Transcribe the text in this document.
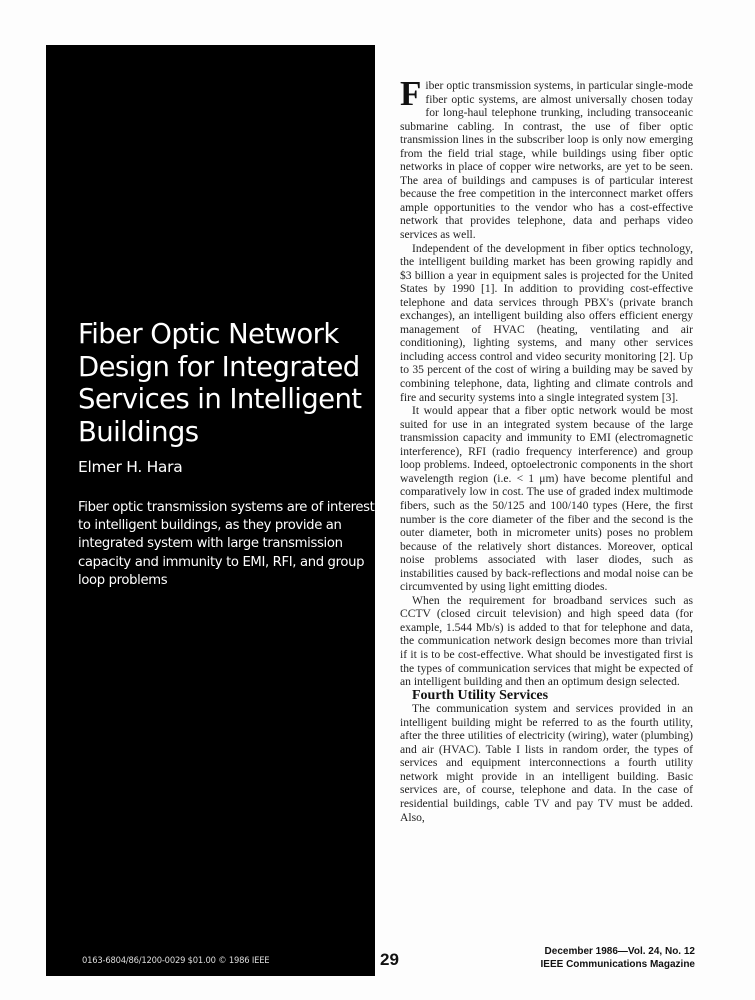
Fiber Optic Network Design for Integrated Services in Intelligent Buildings
Elmer H. Hara
Fiber optic transmission systems are of interest to intelligent buildings, as they provide an integrated system with large transmission capacity and immunity to EMI, RFI, and group loop problems
0163-6804/86/1200-0029 $01.00 © 1986 IEEE

Fiber optic transmission systems, in particular single-mode fiber optic systems, are almost universally chosen today for long-haul telephone trunking, including transoceanic submarine cabling. In contrast, the use of fiber optic transmission lines in the subscriber loop is only now emerging from the field trial stage, while buildings using fiber optic networks in place of copper wire networks, are yet to be seen. The area of buildings and campuses is of particular interest because the free competition in the interconnect market offers ample opportunities to the vendor who has a cost-effective network that provides telephone, data and perhaps video services as well.

Independent of the development in fiber optics technology, the intelligent building market has been growing rapidly and $3 billion a year in equipment sales is projected for the United States by 1990 [1]. In addition to providing cost-effective telephone and data services through PBX's (private branch exchanges), an intelligent building also offers efficient energy management of HVAC (heating, ventilating and air conditioning), lighting systems, and many other services including access control and video security monitoring [2]. Up to 35 percent of the cost of wiring a building may be saved by combining telephone, data, lighting and climate controls and fire and security systems into a single integrated system [3].

It would appear that a fiber optic network would be most suited for use in an integrated system because of the large transmission capacity and immunity to EMI (electromagnetic interference), RFI (radio frequency interference) and group loop problems. Indeed, optoelectronic components in the short wavelength region (i.e. < 1 μm) have become plentiful and comparatively low in cost. The use of graded index multimode fibers, such as the 50/125 and 100/140 types (Here, the first number is the core diameter of the fiber and the second is the outer diameter, both in micrometer units) poses no problem because of the relatively short distances. Moreover, optical noise problems associated with laser diodes, such as instabilities caused by back-reflections and modal noise can be circumvented by using light emitting diodes.

When the requirement for broadband services such as CCTV (closed circuit television) and high speed data (for example, 1.544 Mb/s) is added to that for telephone and data, the communication network design becomes more than trivial if it is to be cost-effective. What should be investigated first is the types of communication services that might be expected of an intelligent building and then an optimum design selected.

Fourth Utility Services

The communication system and services provided in an intelligent building might be referred to as the fourth utility, after the three utilities of electricity (wiring), water (plumbing) and air (HVAC). Table I lists in random order, the types of services and equipment interconnections a fourth utility network might provide in an intelligent building. Basic services are, of course, telephone and data. In the case of residential buildings, cable TV and pay TV must be added. Also,

29	December 1986—Vol. 24, No. 12
IEEE Communications Magazine
